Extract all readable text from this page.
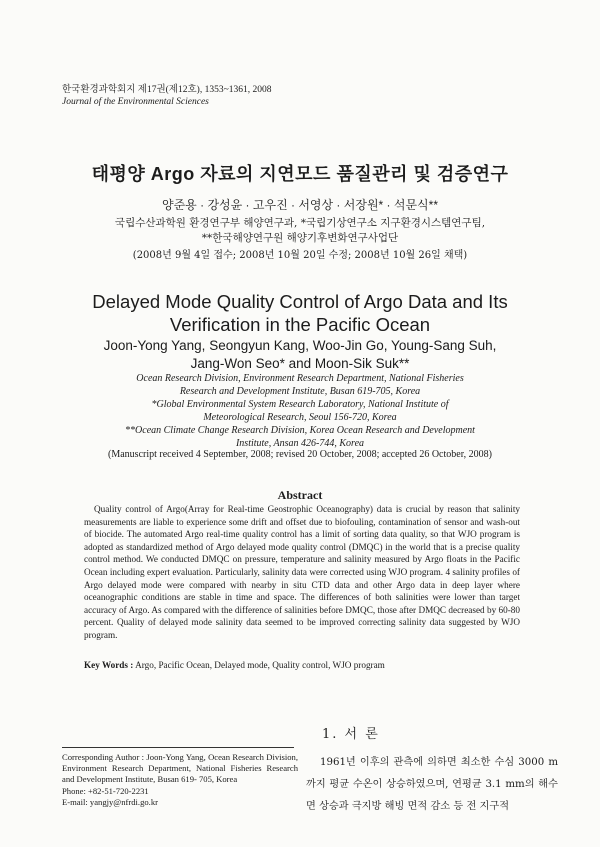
한국환경과학회지 제17권(제12호), 1353~1361, 2008
Journal of the Environmental Sciences
태평양 Argo 자료의 지연모드 품질관리 및 검증연구
양준용 · 강성윤 · 고우진 · 서영상 · 서장원* · 석문식**
국립수산과학원 환경연구부 해양연구과, *국립기상연구소 지구환경시스템연구팀,
**한국해양연구원 해양기후변화연구사업단
(2008년 9월 4일 접수; 2008년 10월 20일 수정; 2008년 10월 26일 채택)
Delayed Mode Quality Control of Argo Data and Its
Verification in the Pacific Ocean
Joon-Yong Yang, Seongyun Kang, Woo-Jin Go, Young-Sang Suh,
Jang-Won Seo* and Moon-Sik Suk**
Ocean Research Division, Environment Research Department, National Fisheries
Research and Development Institute, Busan 619-705, Korea
*Global Environmental System Research Laboratory, National Institute of
Meteorological Research, Seoul 156-720, Korea
**Ocean Climate Change Research Division, Korea Ocean Research and Development
Institute, Ansan 426-744, Korea
(Manuscript received 4 September, 2008; revised 20 October, 2008; accepted 26 October, 2008)
Abstract
Quality control of Argo(Array for Real-time Geostrophic Oceanography) data is crucial by reason that salinity measurements are liable to experience some drift and offset due to biofouling, contamination of sensor and wash-out of biocide. The automated Argo real-time quality control has a limit of sorting data quality, so that WJO program is adopted as standardized method of Argo delayed mode quality control (DMQC) in the world that is a precise quality control method. We conducted DMQC on pressure, temperature and salinity measured by Argo floats in the Pacific Ocean including expert evaluation. Particularly, salinity data were corrected using WJO program. 4 salinity profiles of Argo delayed mode were compared with nearby in situ CTD data and other Argo data in deep layer where oceanographic conditions are stable in time and space. The differences of both salinities were lower than target accuracy of Argo. As compared with the difference of salinities before DMQC, those after DMQC decreased by 60-80 percent. Quality of delayed mode salinity data seemed to be improved correcting salinity data suggested by WJO program.
Key Words : Argo, Pacific Ocean, Delayed mode, Quality control, WJO program
Corresponding Author : Joon-Yong Yang, Ocean Research Division, Environment Research Department, National Fisheries Research and Development Institute, Busan 619- 705, Korea
Phone: +82-51-720-2231
E-mail: yangjy@nfrdi.go.kr
1. 서 론
1961년 이후의 관측에 의하면 최소한 수심 3000 m까지 평균 수온이 상승하였으며, 연평균 3.1 mm의 해수면 상승과 극지방 해빙 면적 감소 등 전 지구적
